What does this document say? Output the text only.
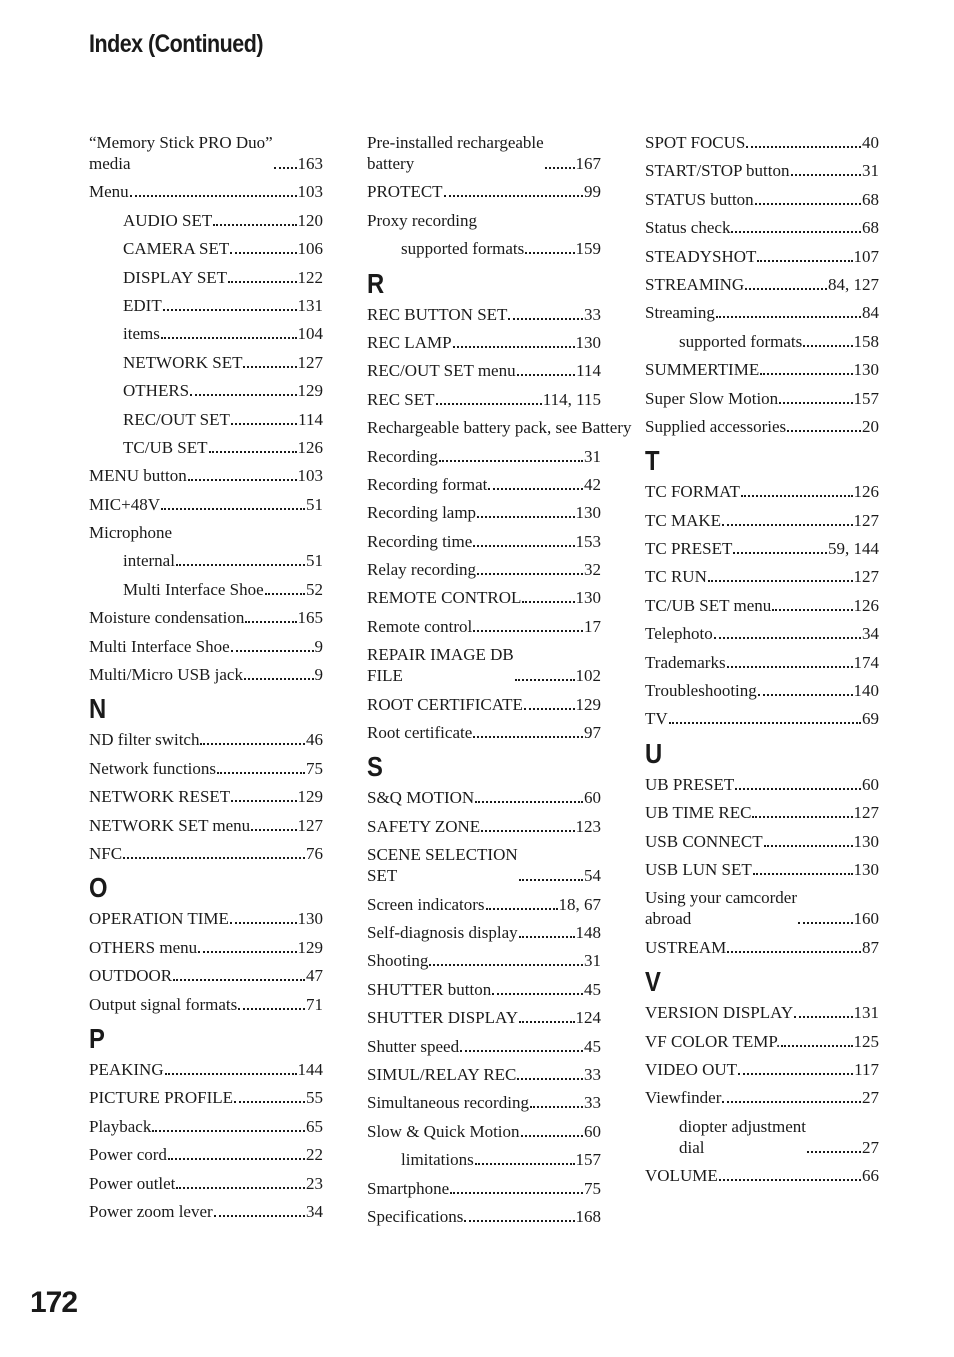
Index (Continued)
“Memory Stick PRO Duo”
media	163
Menu	103
AUDIO SET	120
CAMERA SET	106
DISPLAY SET	122
EDIT	131
items	104
NETWORK SET	127
OTHERS	129
REC/OUT SET	114
TC/UB SET	126
MENU button	103
MIC+48V	51
Microphone
internal	51
Multi Interface Shoe 52
Moisture condensation	165
Multi Interface Shoe	9
Multi/Micro USB jack	9
N
ND filter switch	46
Network functions	75
NETWORK RESET	129
NETWORK SET menu	127
NFC	76
O
OPERATION TIME	130
OTHERS menu	129
OUTDOOR	47
Output signal formats	71
P
PEAKING	144
PICTURE PROFILE	55
Playback	65
Power cord	22
Power outlet	23
Power zoom lever	34
Pre-installed rechargeable
battery	167
PROTECT	99
Proxy recording
supported formats	159
R
REC BUTTON SET	33
REC LAMP	130
REC/OUT SET menu	114
REC SET	114, 115
Rechargeable battery pack, see Battery
Recording	31
Recording format	42
Recording lamp	130
Recording time	153
Relay recording	32
REMOTE CONTROL	130
Remote control	17
REPAIR IMAGE DB
FILE	102
ROOT CERTIFICATE	129
Root certificate	97
S
S&Q MOTION	60
SAFETY ZONE	123
SCENE SELECTION
SET	54
Screen indicators	18, 67
Self-diagnosis display	148
Shooting	31
SHUTTER button	45
SHUTTER DISPLAY	124
Shutter speed	45
SIMUL/RELAY REC	33
Simultaneous recording	33
Slow & Quick Motion	60
limitations	157
Smartphone	75
Specifications	168
SPOT FOCUS	40
START/STOP button	31
STATUS button	68
Status check	68
STEADYSHOT	107
STREAMING	84, 127
Streaming	84
supported formats	158
SUMMERTIME	130
Super Slow Motion	157
Supplied accessories	20
T
TC FORMAT	126
TC MAKE	127
TC PRESET	59, 144
TC RUN	127
TC/UB SET menu	126
Telephoto	34
Trademarks	174
Troubleshooting	140
TV	69
U
UB PRESET	60
UB TIME REC	127
USB CONNECT	130
USB LUN SET	130
Using your camcorder
abroad	160
USTREAM	87
V
VERSION DISPLAY	131
VF COLOR TEMP.	125
VIDEO OUT	117
Viewfinder	27
diopter adjustment
dial	27
VOLUME	66
172
